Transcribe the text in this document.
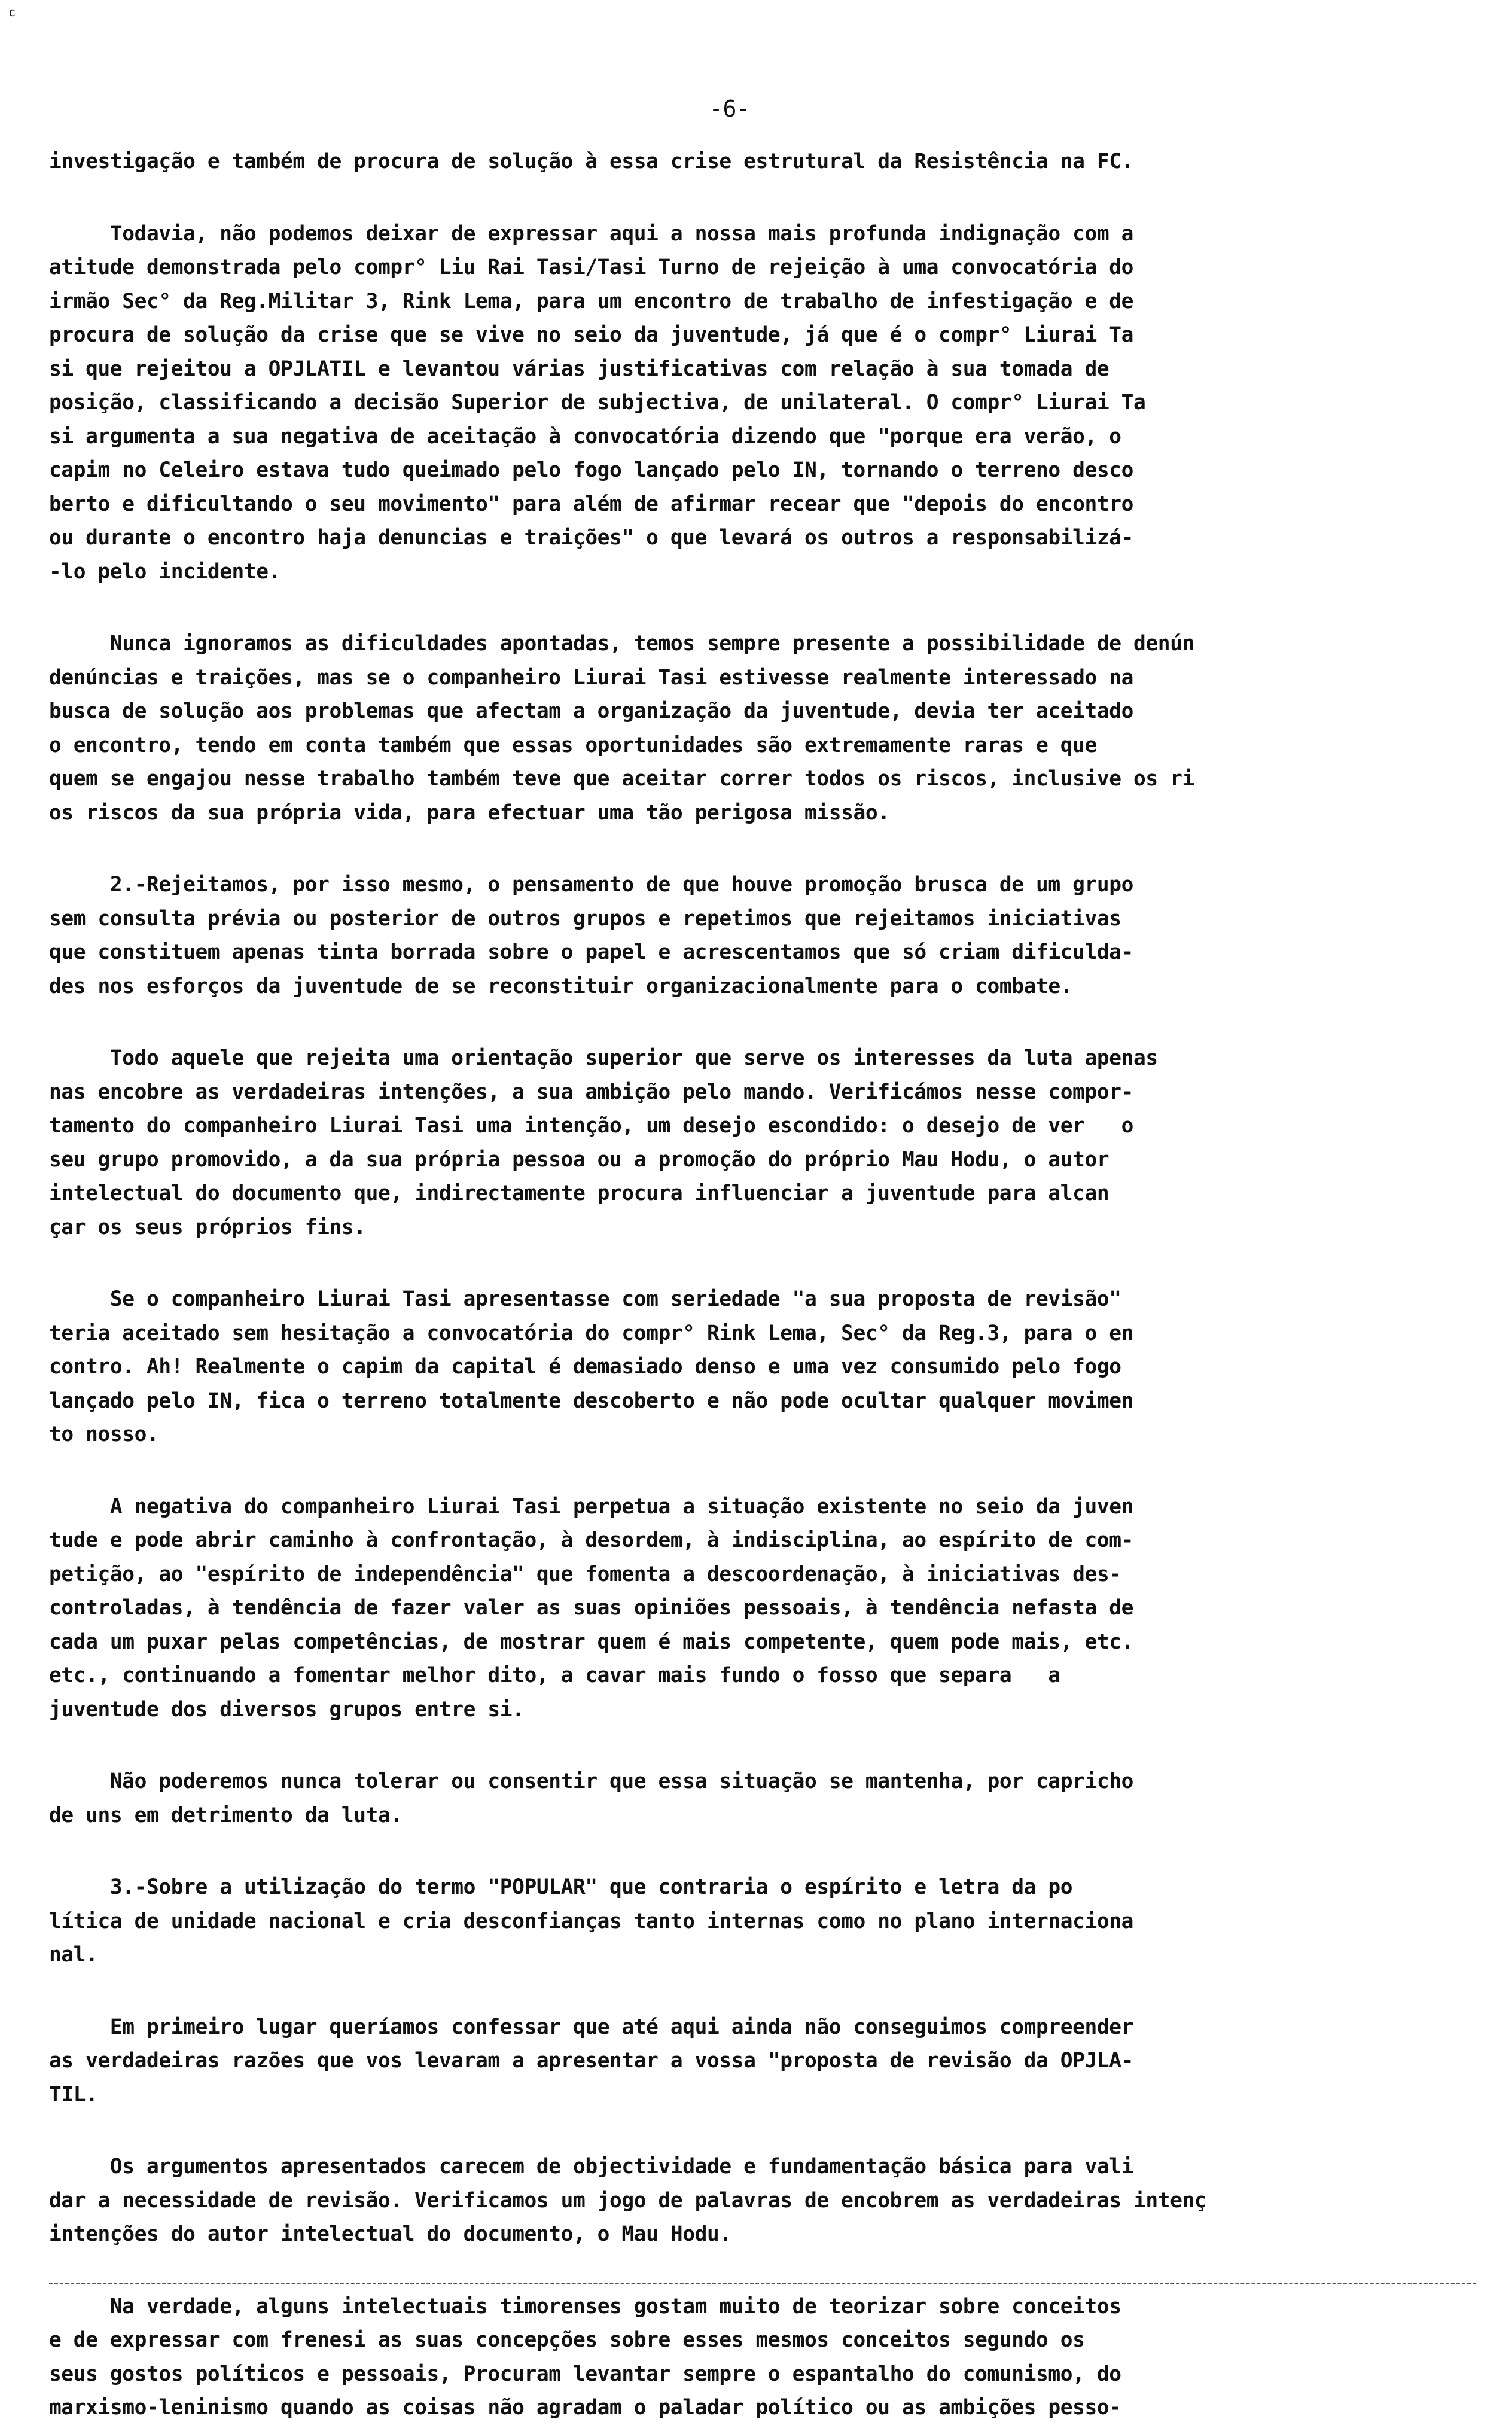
c
-6-

investigação e também de procura de solução à essa crise estrutural da Resistência na FC.

Todavia, não podemos deixar de expressar aqui a nossa mais profunda indignação com a
atitude demonstrada pelo compr° Liu Rai Tasi/Tasi Turno de rejeição à uma convocatória do
irmão Sec° da Reg.Militar 3, Rink Lema, para um encontro de trabalho de infestigação e de
procura de solução da crise que se vive no seio da juventude, já que é o compr° Liurai Ta
si que rejeitou a OPJLATIL e levantou várias justificativas com relação à sua tomada de
posição, classificando a decisão Superior de subjectiva, de unilateral. O compr° Liurai Ta
si argumenta a sua negativa de aceitação à convocatória dizendo que "porque era verão, o
capim no Celeiro estava tudo queimado pelo fogo lançado pelo IN, tornando o terreno desco
berto e dificultando o seu movimento" para além de afirmar recear que "depois do encontro
ou durante o encontro haja denuncias e traições" o que levará os outros a responsabilizá-
-lo pelo incidente.

Nunca ignoramos as dificuldades apontadas, temos sempre presente a possibilidade de denún
denúncias e traições, mas se o companheiro Liurai Tasi estivesse realmente interessado na
busca de solução aos problemas que afectam a organização da juventude, devia ter aceitado
o encontro, tendo em conta também que essas oportunidades são extremamente raras e que
quem se engajou nesse trabalho também teve que aceitar correr todos os riscos, inclusive os ri
os riscos da sua própria vida, para efectuar uma tão perigosa missão.

2.-Rejeitamos, por isso mesmo, o pensamento de que houve promoção brusca de um grupo
sem consulta prévia ou posterior de outros grupos e repetimos que rejeitamos iniciativas
que constituem apenas tinta borrada sobre o papel e acrescentamos que só criam dificulda-
des nos esforços da juventude de se reconstituir organizacionalmente para o combate.

Todo aquele que rejeita uma orientação superior que serve os interesses da luta apenas
nas encobre as verdadeiras intenções, a sua ambição pelo mando. Verificámos nesse compor-
tamento do companheiro Liurai Tasi uma intenção, um desejo escondido: o desejo de ver   o
seu grupo promovido, a da sua própria pessoa ou a promoção do próprio Mau Hodu, o autor
intelectual do documento que, indirectamente procura influenciar a juventude para alcan
çar os seus próprios fins.

Se o companheiro Liurai Tasi apresentasse com seriedade "a sua proposta de revisão"
teria aceitado sem hesitação a convocatória do compr° Rink Lema, Sec° da Reg.3, para o en
contro. Ah! Realmente o capim da capital é demasiado denso e uma vez consumido pelo fogo
lançado pelo IN, fica o terreno totalmente descoberto e não pode ocultar qualquer movimen
to nosso.

A negativa do companheiro Liurai Tasi perpetua a situação existente no seio da juven
tude e pode abrir caminho à confrontação, à desordem, à indisciplina, ao espírito de com-
petição, ao "espírito de independência" que fomenta a descoordenação, à iniciativas des-
controladas, à tendência de fazer valer as suas opiniões pessoais, à tendência nefasta de
cada um puxar pelas competências, de mostrar quem é mais competente, quem pode mais, etc.
etc., continuando a fomentar melhor dito, a cavar mais fundo o fosso que separa   a
juventude dos diversos grupos entre si.

Não poderemos nunca tolerar ou consentir que essa situação se mantenha, por capricho
de uns em detrimento da luta.

3.-Sobre a utilização do termo "POPULAR" que contraria o espírito e letra da po
lítica de unidade nacional e cria desconfianças tanto internas como no plano internaciona
nal.

Em primeiro lugar queríamos confessar que até aqui ainda não conseguimos compreender
as verdadeiras razões que vos levaram a apresentar a vossa "proposta de revisão da OPJLA-
TIL.

Os argumentos apresentados carecem de objectividade e fundamentação básica para vali
dar a necessidade de revisão. Verificamos um jogo de palavras de encobrem as verdadeiras intenç
intenções do autor intelectual do documento, o Mau Hodu.

Na verdade, alguns intelectuais timorenses gostam muito de teorizar sobre conceitos
e de expressar com frenesi as suas concepções sobre esses mesmos conceitos segundo os
seus gostos políticos e pessoais, Procuram levantar sempre o espantalho do comunismo, do
marxismo-leninismo quando as coisas não agradam o paladar político ou as ambições pesso-
